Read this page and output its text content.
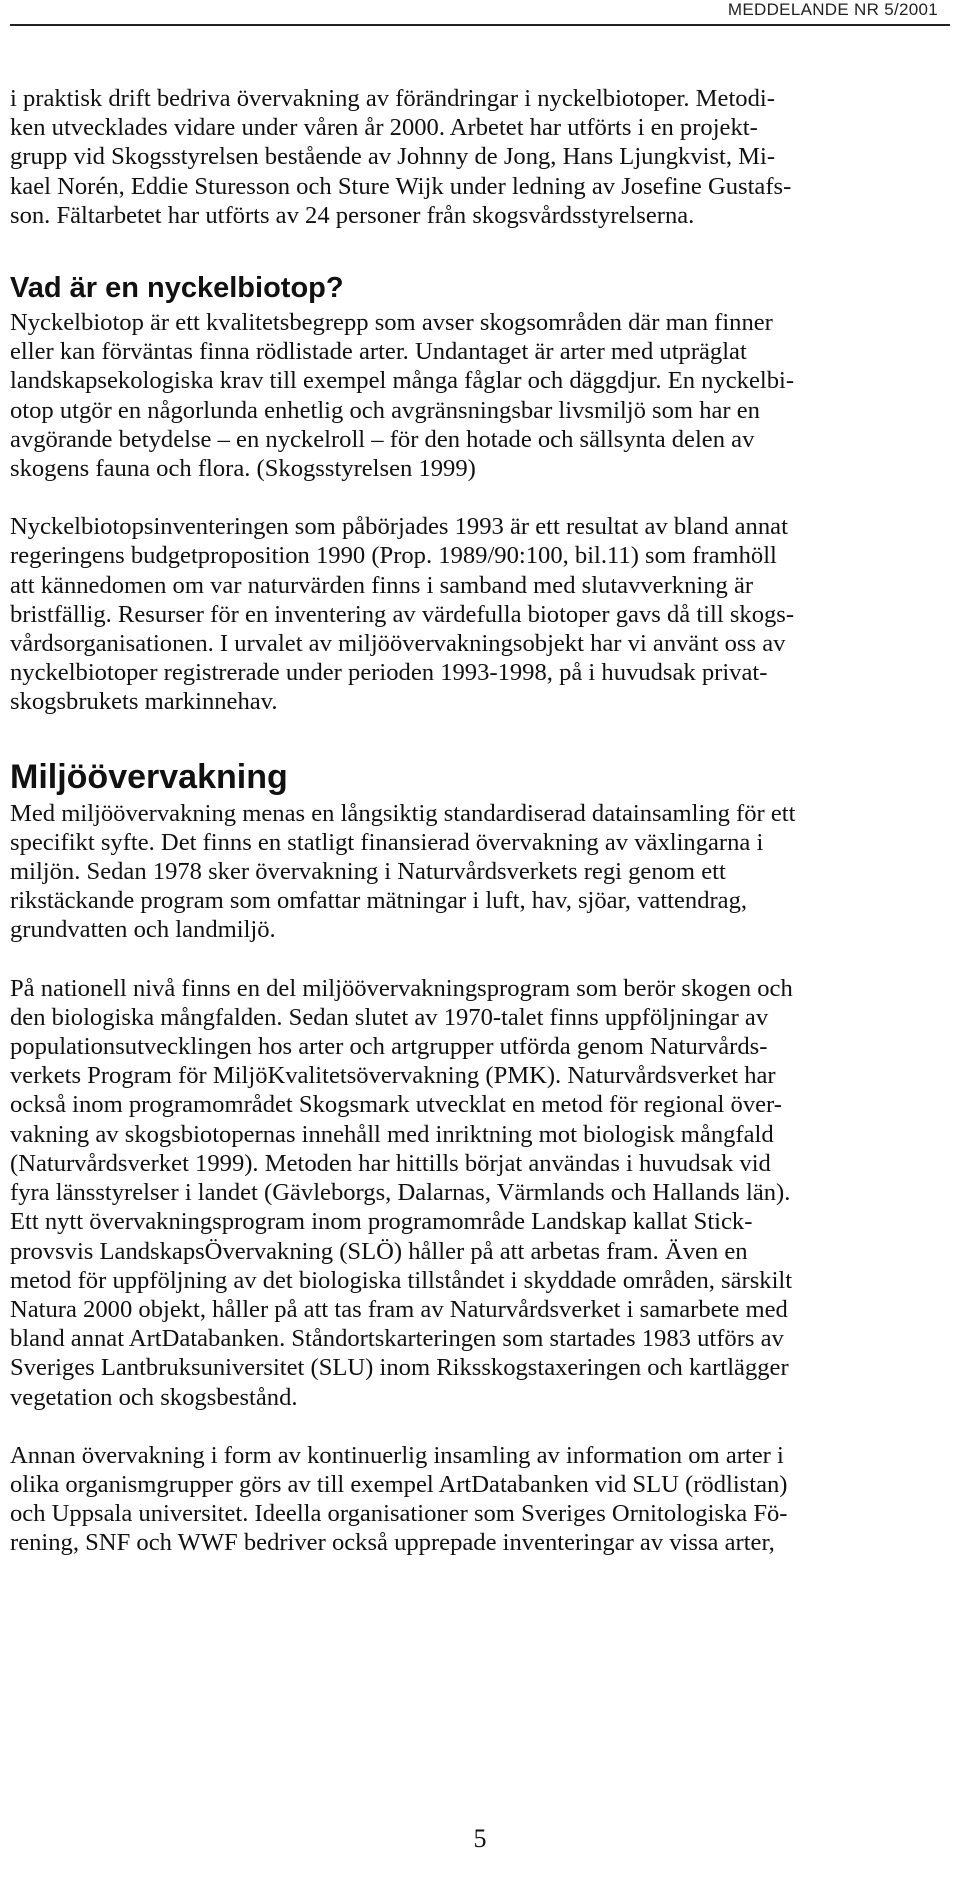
MEDDELANDE NR 5/2001

i praktisk drift bedriva övervakning av förändringar i nyckelbiotoper. Metodi-
ken utvecklades vidare under våren år 2000. Arbetet har utförts i en projekt-
grupp vid Skogsstyrelsen bestående av Johnny de Jong, Hans Ljungkvist, Mi-
kael Norén, Eddie Sturesson och Sture Wijk under ledning av Josefine Gustafs-
son. Fältarbetet har utförts av 24 personer från skogsvårdsstyrelserna.

Vad är en nyckelbiotop?

Nyckelbiotop är ett kvalitetsbegrepp som avser skogsområden där man finner
eller kan förväntas finna rödlistade arter. Undantaget är arter med utpräglat
landskapsekologiska krav till exempel många fåglar och däggdjur. En nyckelbi-
otop utgör en någorlunda enhetlig och avgränsningsbar livsmiljö som har en
avgörande betydelse – en nyckelroll – för den hotade och sällsynta delen av
skogens fauna och flora. (Skogsstyrelsen 1999)

Nyckelbiotopsinventeringen som påbörjades 1993 är ett resultat av bland annat
regeringens budgetproposition 1990 (Prop. 1989/90:100, bil.11) som framhöll
att kännedomen om var naturvärden finns i samband med slutavverkning är
bristfällig. Resurser för en inventering av värdefulla biotoper gavs då till skogs-
vårdsorganisationen. I urvalet av miljöövervakningsobjekt har vi använt oss av
nyckelbiotoper registrerade under perioden 1993-1998, på i huvudsak privat-
skogsbrukets markinnehav.

Miljöövervakning

Med miljöövervakning menas en långsiktig standardiserad datainsamling för ett
specifikt syfte. Det finns en statligt finansierad övervakning av växlingarna i
miljön. Sedan 1978 sker övervakning i Naturvårdsverkets regi genom ett
rikstäckande program som omfattar mätningar i luft, hav, sjöar, vattendrag,
grundvatten och landmiljö.

På nationell nivå finns en del miljöövervakningsprogram som berör skogen och
den biologiska mångfalden. Sedan slutet av 1970-talet finns uppföljningar av
populationsutvecklingen hos arter och artgrupper utförda genom Naturvårds-
verkets Program för MiljöKvalitetsövervakning (PMK). Naturvårdsverket har
också inom programområdet Skogsmark utvecklat en metod för regional över-
vakning av skogsbiotopernas innehåll med inriktning mot biologisk mångfald
(Naturvårdsverket 1999). Metoden har hittills börjat användas i huvudsak vid
fyra länsstyrelser i landet (Gävleborgs, Dalarnas, Värmlands och Hallands län).
Ett nytt övervakningsprogram inom programområde Landskap kallat Stick-
provsvis LandskapsÖvervakning (SLÖ) håller på att arbetas fram. Även en
metod för uppföljning av det biologiska tillståndet i skyddade områden, särskilt
Natura 2000 objekt, håller på att tas fram av Naturvårdsverket i samarbete med
bland annat ArtDatabanken. Ståndortskarteringen som startades 1983 utförs av
Sveriges Lantbruksuniversitet (SLU) inom Riksskogstaxeringen och kartlägger
vegetation och skogsbestånd.

Annan övervakning i form av kontinuerlig insamling av information om arter i
olika organismgrupper görs av till exempel ArtDatabanken vid SLU (rödlistan)
och Uppsala universitet. Ideella organisationer som Sveriges Ornitologiska Fö-
rening, SNF och WWF bedriver också upprepade inventeringar av vissa arter,

5
